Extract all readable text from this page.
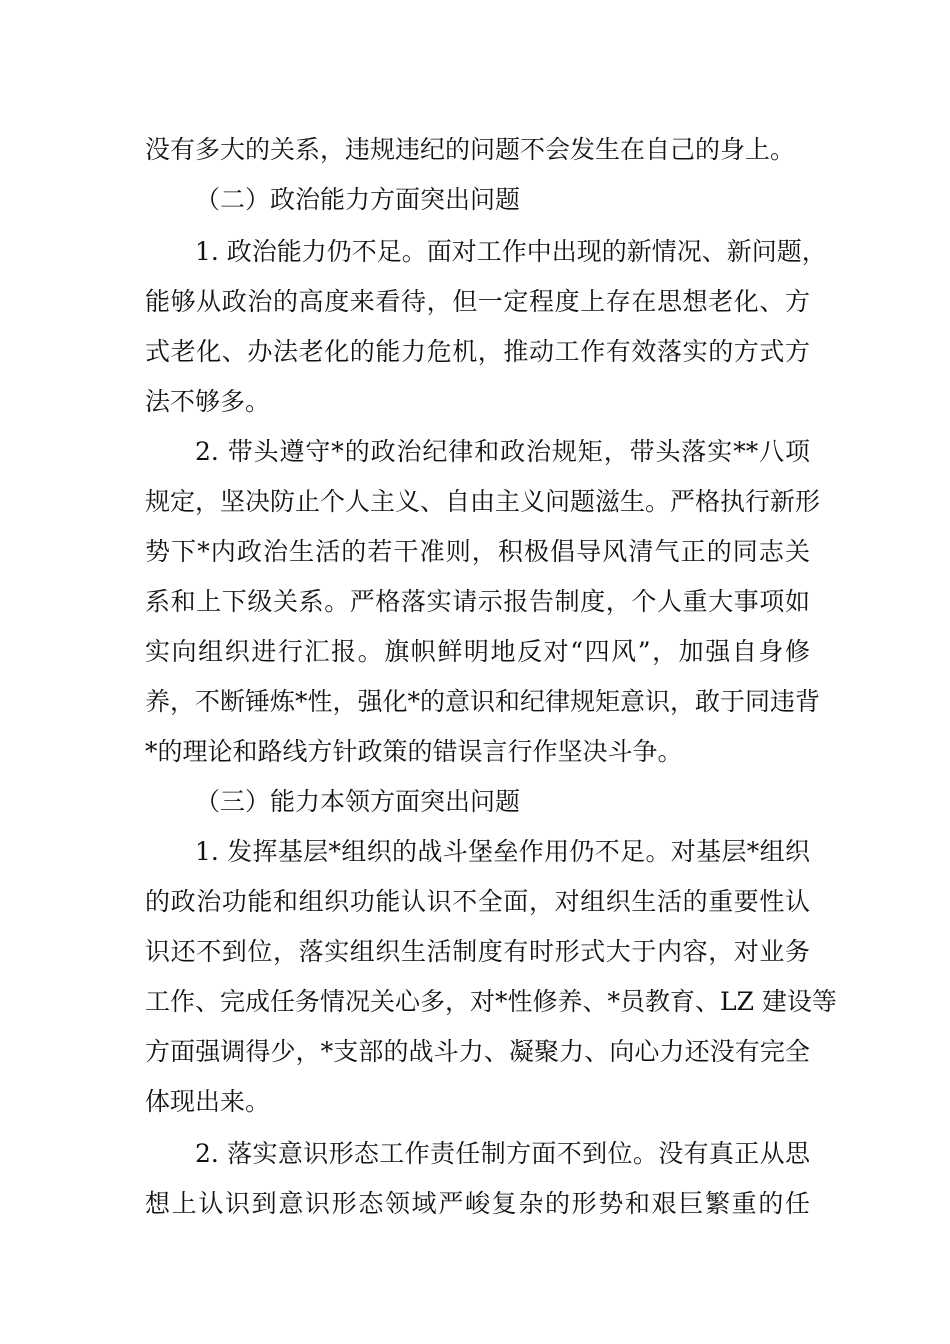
没有多大的关系，违规违纪的问题不会发生在自己的身上。
（二）政治能力方面突出问题
1. 政治能力仍不足。面对工作中出现的新情况、新问题，
能够从政治的高度来看待，但一定程度上存在思想老化、方
式老化、办法老化的能力危机，推动工作有效落实的方式方
法不够多。
2. 带头遵守*的政治纪律和政治规矩，带头落实**八项
规定，坚决防止个人主义、自由主义问题滋生。严格执行新形
势下*内政治生活的若干准则，积极倡导风清气正的同志关
系和上下级关系。严格落实请示报告制度，个人重大事项如
实向组织进行汇报。旗帜鲜明地反对“四风”，加强自身修
养，不断锤炼*性，强化*的意识和纪律规矩意识，敢于同违背
*的理论和路线方针政策的错误言行作坚决斗争。
（三）能力本领方面突出问题
1. 发挥基层*组织的战斗堡垒作用仍不足。对基层*组织
的政治功能和组织功能认识不全面，对组织生活的重要性认
识还不到位，落实组织生活制度有时形式大于内容，对业务
工作、完成任务情况关心多，对*性修养、*员教育、LZ 建设等
方面强调得少，*支部的战斗力、凝聚力、向心力还没有完全
体现出来。
2. 落实意识形态工作责任制方面不到位。没有真正从思
想上认识到意识形态领域严峻复杂的形势和艰巨繁重的任
